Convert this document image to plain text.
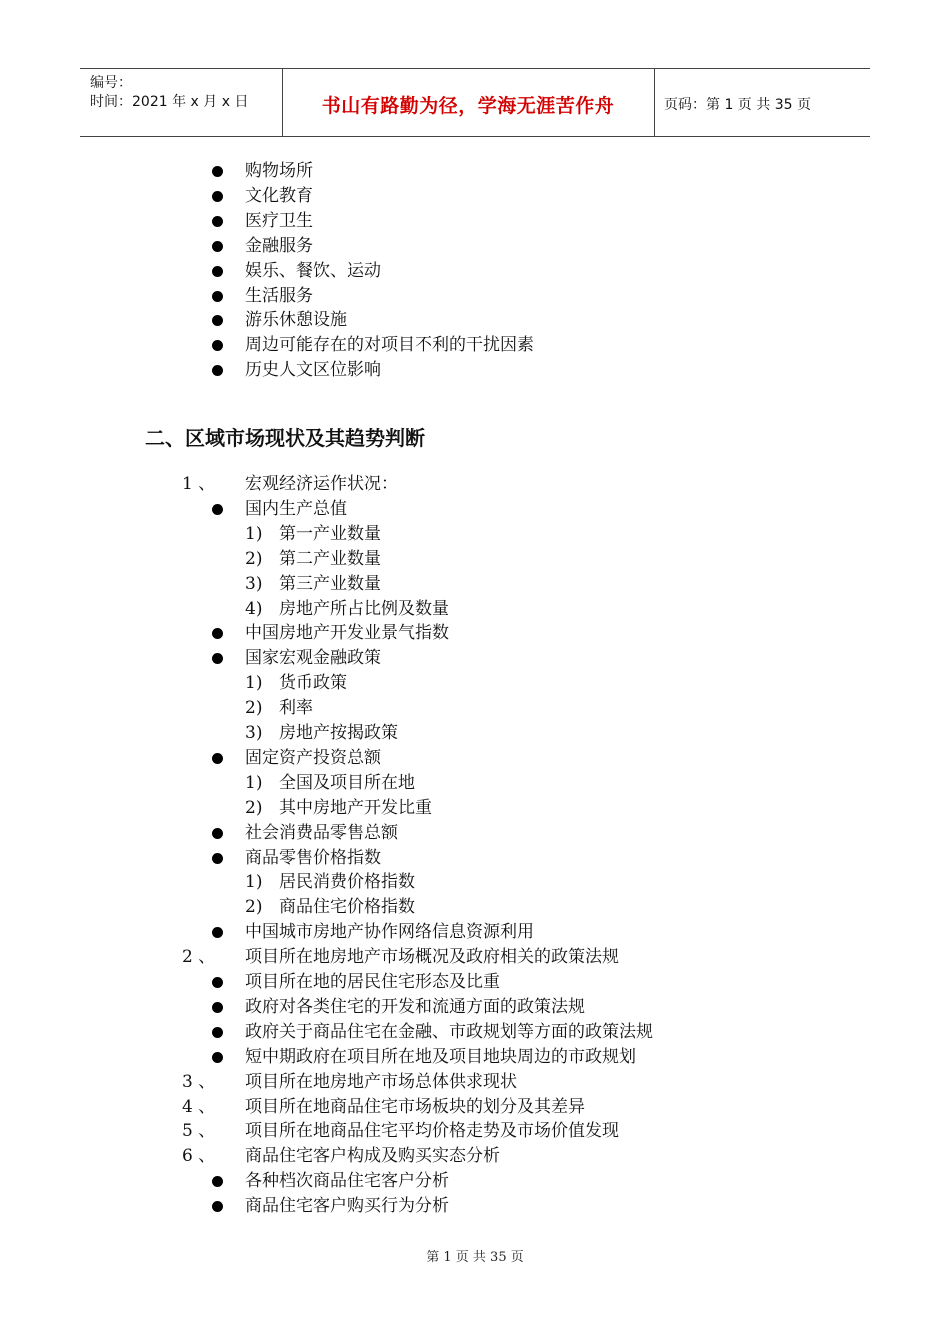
编号：
时间：2021 年 x 月 x 日	书山有路勤为径，学海无涯苦作舟	页码：第 1 页 共 35 页
购物场所
文化教育
医疗卫生
金融服务
娱乐、餐饮、运动
生活服务
游乐休憩设施
周边可能存在的对项目不利的干扰因素
历史人文区位影响
1 、 宏观经济运作状况：
国内生产总值
1) 第一产业数量
2) 第二产业数量
3) 第三产业数量
4) 房地产所占比例及数量
中国房地产开发业景气指数
国家宏观金融政策
1) 货币政策
2) 利率
3) 房地产按揭政策
固定资产投资总额
1) 全国及项目所在地
2) 其中房地产开发比重
社会消费品零售总额
商品零售价格指数
1) 居民消费价格指数
2) 商品住宅价格指数
中国城市房地产协作网络信息资源利用
2 、 项目所在地房地产市场概况及政府相关的政策法规
项目所在地的居民住宅形态及比重
政府对各类住宅的开发和流通方面的政策法规
政府关于商品住宅在金融、市政规划等方面的政策法规
短中期政府在项目所在地及项目地块周边的市政规划
3 、 项目所在地房地产市场总体供求现状
4 、 项目所在地商品住宅市场板块的划分及其差异
5 、 项目所在地商品住宅平均价格走势及市场价值发现
6 、 商品住宅客户构成及购买实态分析
各种档次商品住宅客户分析
商品住宅客户购买行为分析
二、区域市场现状及其趋势判断
第 1 页 共 35 页
